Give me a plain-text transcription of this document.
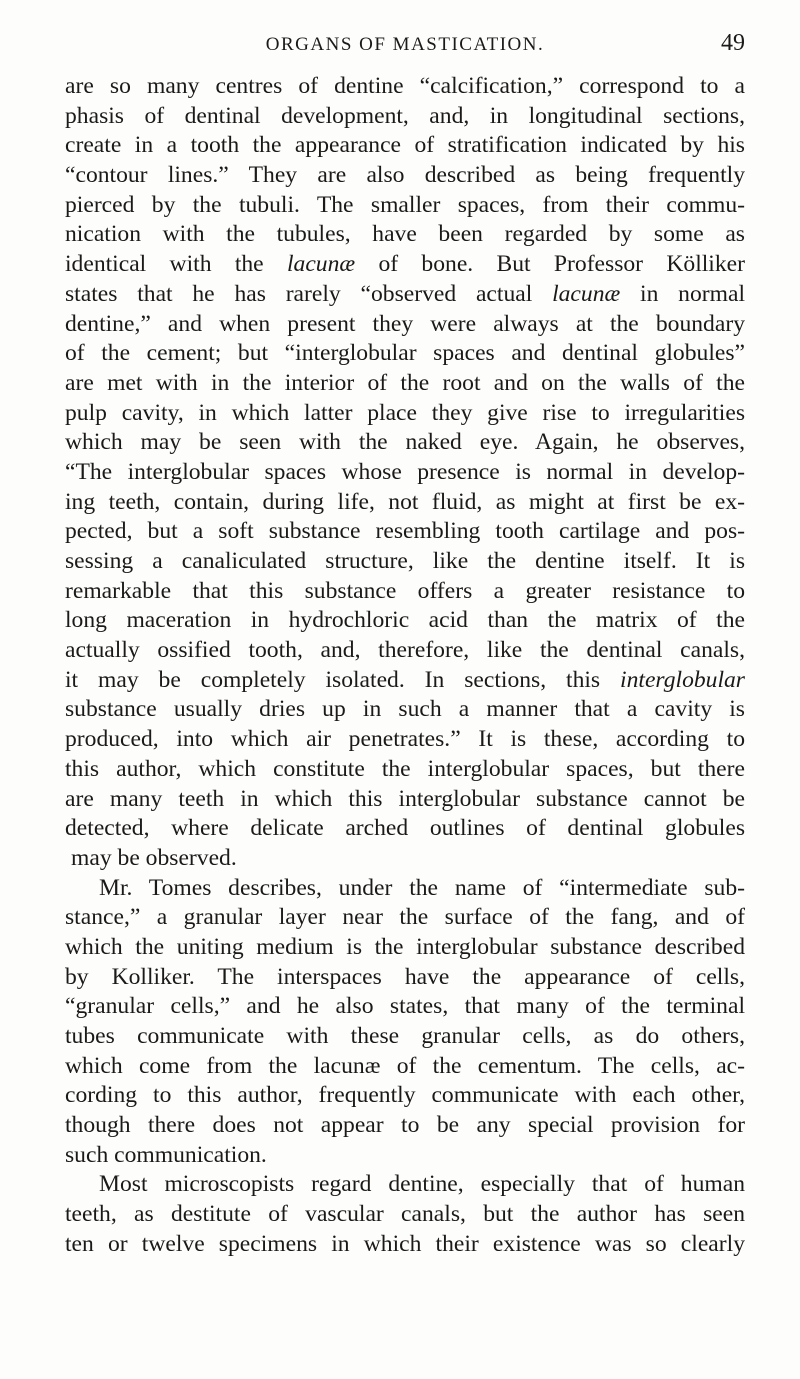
ORGANS OF MASTICATION.	49
are so many centres of dentine “calcification,” correspond to a
phasis of dentinal development, and, in longitudinal sections,
create in a tooth the appearance of stratification indicated by his
“contour lines.” They are also described as being frequently
pierced by the tubuli. The smaller spaces, from their commu-
nication with the tubules, have been regarded by some as
identical with the lacunæ of bone. But Professor Kölliker
states that he has rarely “observed actual lacunæ in normal
dentine,” and when present they were always at the boundary
of the cement; but “interglobular spaces and dentinal globules”
are met with in the interior of the root and on the walls of the
pulp cavity, in which latter place they give rise to irregularities
which may be seen with the naked eye. Again, he observes,
“The interglobular spaces whose presence is normal in develop-
ing teeth, contain, during life, not fluid, as might at first be ex-
pected, but a soft substance resembling tooth cartilage and pos-
sessing a canaliculated structure, like the dentine itself. It is
remarkable that this substance offers a greater resistance to
long maceration in hydrochloric acid than the matrix of the
actually ossified tooth, and, therefore, like the dentinal canals,
it may be completely isolated. In sections, this interglobular
substance usually dries up in such a manner that a cavity is
produced, into which air penetrates.” It is these, according to
this author, which constitute the interglobular spaces, but there
are many teeth in which this interglobular substance cannot be
detected, where delicate arched outlines of dentinal globules
may be observed.
Mr. Tomes describes, under the name of “intermediate sub-
stance,” a granular layer near the surface of the fang, and of
which the uniting medium is the interglobular substance described
by Kolliker. The interspaces have the appearance of cells,
“granular cells,” and he also states, that many of the terminal
tubes communicate with these granular cells, as do others,
which come from the lacunæ of the cementum. The cells, ac-
cording to this author, frequently communicate with each other,
though there does not appear to be any special provision for
such communication.
Most microscopists regard dentine, especially that of human
teeth, as destitute of vascular canals, but the author has seen
ten or twelve specimens in which their existence was so clearly
